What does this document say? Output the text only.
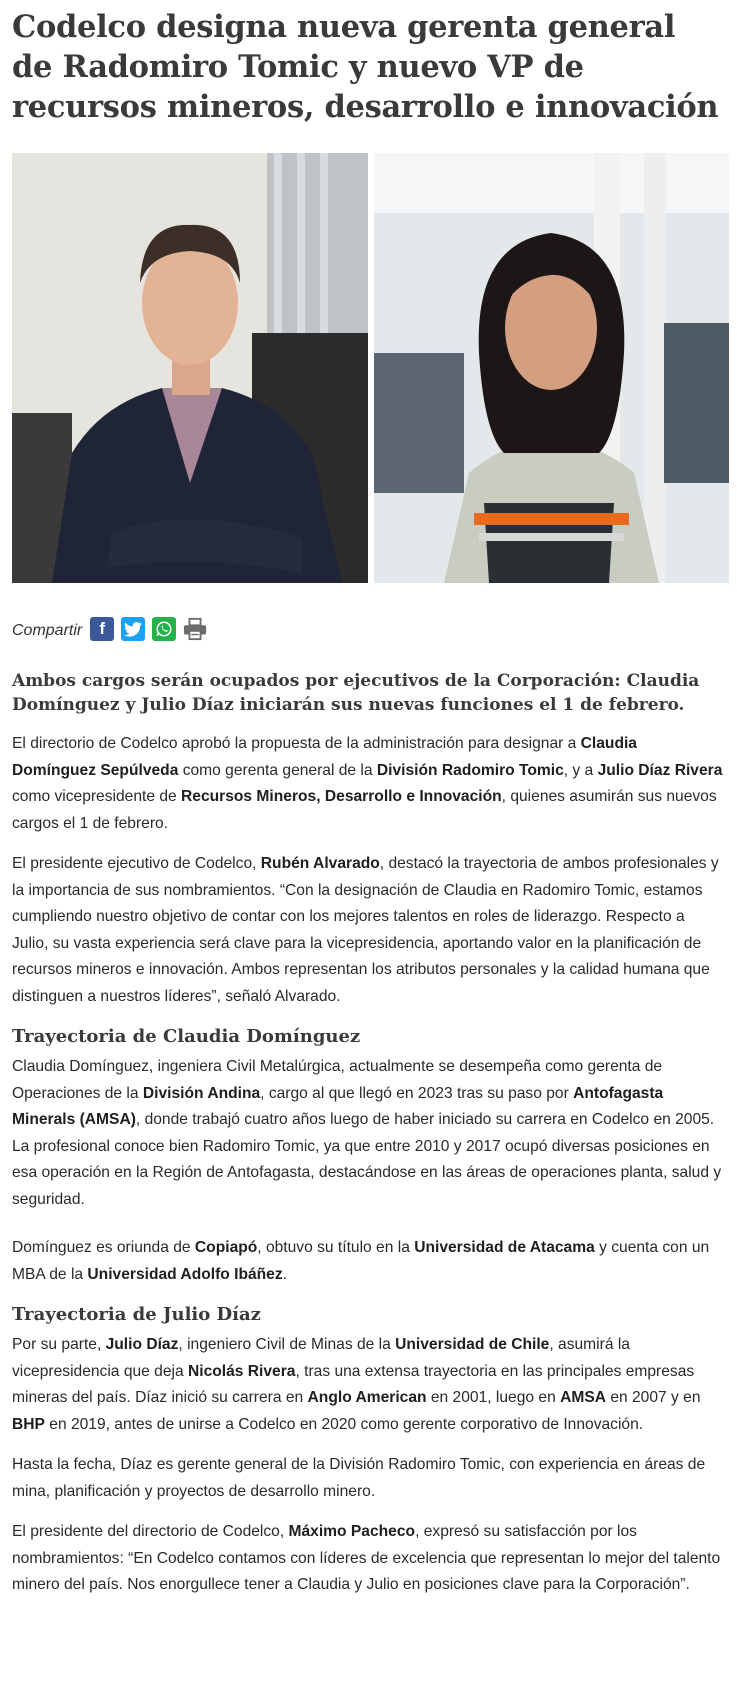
Codelco designa nueva gerenta general de Radomiro Tomic y nuevo VP de recursos mineros, desarrollo e innovación
Compartir	f
Ambos cargos serán ocupados por ejecutivos de la Corporación: Claudia Domínguez y Julio Díaz iniciarán sus nuevas funciones el 1 de febrero.

El directorio de Codelco aprobó la propuesta de la administración para designar a Claudia Domínguez Sepúlveda como gerenta general de la División Radomiro Tomic, y a Julio Díaz Rivera como vicepresidente de Recursos Mineros, Desarrollo e Innovación, quienes asumirán sus nuevos cargos el 1 de febrero.

El presidente ejecutivo de Codelco, Rubén Alvarado, destacó la trayectoria de ambos profesionales y la importancia de sus nombramientos. “Con la designación de Claudia en Radomiro Tomic, estamos cumpliendo nuestro objetivo de contar con los mejores talentos en roles de liderazgo. Respecto a Julio, su vasta experiencia será clave para la vicepresidencia, aportando valor en la planificación de recursos mineros e innovación. Ambos representan los atributos personales y la calidad humana que distinguen a nuestros líderes”, señaló Alvarado.

Trayectoria de Claudia Domínguez

Claudia Domínguez, ingeniera Civil Metalúrgica, actualmente se desempeña como gerenta de Operaciones de la División Andina, cargo al que llegó en 2023 tras su paso por Antofagasta Minerals (AMSA), donde trabajó cuatro años luego de haber iniciado su carrera en Codelco en 2005. La profesional conoce bien Radomiro Tomic, ya que entre 2010 y 2017 ocupó diversas posiciones en esa operación en la Región de Antofagasta, destacándose en las áreas de operaciones planta, salud y seguridad.

Domínguez es oriunda de Copiapó, obtuvo su título en la Universidad de Atacama y cuenta con un MBA de la Universidad Adolfo Ibáñez.

Trayectoria de Julio Díaz

Por su parte, Julio Díaz, ingeniero Civil de Minas de la Universidad de Chile, asumirá la vicepresidencia que deja Nicolás Rivera, tras una extensa trayectoria en las principales empresas mineras del país. Díaz inició su carrera en Anglo American en 2001, luego en AMSA en 2007 y en BHP en 2019, antes de unirse a Codelco en 2020 como gerente corporativo de Innovación.

Hasta la fecha, Díaz es gerente general de la División Radomiro Tomic, con experiencia en áreas de mina, planificación y proyectos de desarrollo minero.

El presidente del directorio de Codelco, Máximo Pacheco, expresó su satisfacción por los nombramientos: “En Codelco contamos con líderes de excelencia que representan lo mejor del talento minero del país. Nos enorgullece tener a Claudia y Julio en posiciones clave para la Corporación”.
